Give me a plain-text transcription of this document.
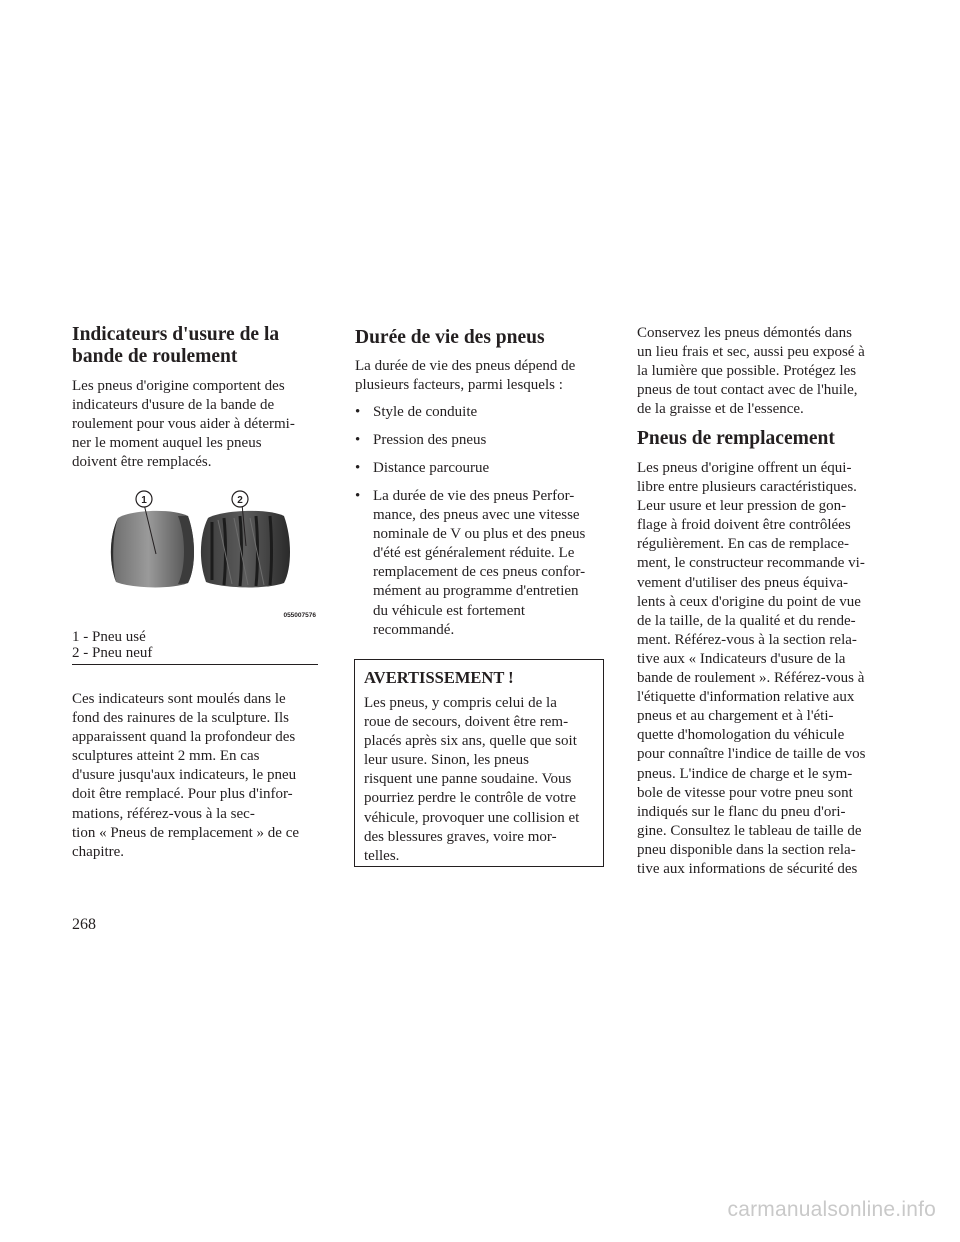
Indicateurs d'usure de la
bande de roulement
Les pneus d'origine comportent des
indicateurs d'usure de la bande de
roulement pour vous aider à détermi-
ner le moment auquel les pneus
doivent être remplacés.
1	2
055007576
1 - Pneu usé
2 - Pneu neuf
Ces indicateurs sont moulés dans le
fond des rainures de la sculpture. Ils
apparaissent quand la profondeur des
sculptures atteint 2 mm. En cas
d'usure jusqu'aux indicateurs, le pneu
doit être remplacé. Pour plus d'infor-
mations, référez-vous à la sec-
tion « Pneus de remplacement » de ce
chapitre.
Durée de vie des pneus
La durée de vie des pneus dépend de
plusieurs facteurs, parmi lesquels :
• Style de conduite
• Pression des pneus
• Distance parcourue
• La durée de vie des pneus Perfor-
mance, des pneus avec une vitesse
nominale de V ou plus et des pneus
d'été est généralement réduite. Le
remplacement de ces pneus confor-
mément au programme d'entretien
du véhicule est fortement
recommandé.
AVERTISSEMENT !
Les pneus, y compris celui de la
roue de secours, doivent être rem-
placés après six ans, quelle que soit
leur usure. Sinon, les pneus
risquent une panne soudaine. Vous
pourriez perdre le contrôle de votre
véhicule, provoquer une collision et
des blessures graves, voire mor-
telles.
Conservez les pneus démontés dans
un lieu frais et sec, aussi peu exposé à
la lumière que possible. Protégez les
pneus de tout contact avec de l'huile,
de la graisse et de l'essence.
Pneus de remplacement
Les pneus d'origine offrent un équi-
libre entre plusieurs caractéristiques.
Leur usure et leur pression de gon-
flage à froid doivent être contrôlées
régulièrement. En cas de remplace-
ment, le constructeur recommande vi-
vement d'utiliser des pneus équiva-
lents à ceux d'origine du point de vue
de la taille, de la qualité et du rende-
ment. Référez-vous à la section rela-
tive aux « Indicateurs d'usure de la
bande de roulement ». Référez-vous à
l'étiquette d'information relative aux
pneus et au chargement et à l'éti-
quette d'homologation du véhicule
pour connaître l'indice de taille de vos
pneus. L'indice de charge et le sym-
bole de vitesse pour votre pneu sont
indiqués sur le flanc du pneu d'ori-
gine. Consultez le tableau de taille de
pneu disponible dans la section rela-
tive aux informations de sécurité des
268
carmanualsonline.info
